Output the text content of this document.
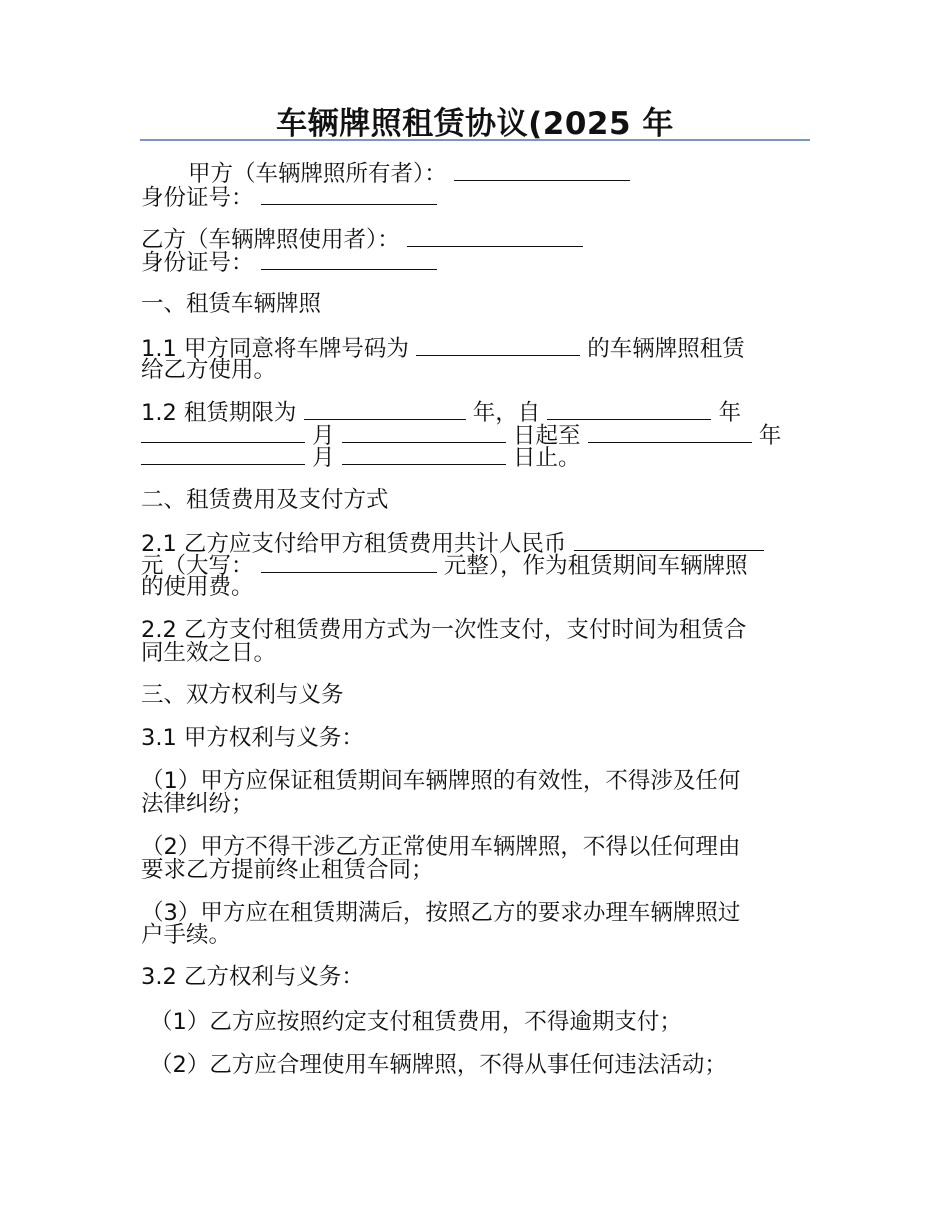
车辆牌照租赁协议(2025 年
甲方（车辆牌照所有者）：
身份证号：
乙方（车辆牌照使用者）：
身份证号：
一、租赁车辆牌照
1.1 甲方同意将车牌号码为	的车辆牌照租赁
给乙方使用。
1.2 租赁期限为	年，自	年
月	日起至	年
月	日止。
二、租赁费用及支付方式
2.1 乙方应支付给甲方租赁费用共计人民币
元（大写：	元整），作为租赁期间车辆牌照
的使用费。
2.2 乙方支付租赁费用方式为一次性支付，支付时间为租赁合
同生效之日。
三、双方权利与义务
3.1 甲方权利与义务：
（1）甲方应保证租赁期间车辆牌照的有效性，不得涉及任何
法律纠纷；
（2）甲方不得干涉乙方正常使用车辆牌照，不得以任何理由
要求乙方提前终止租赁合同；
（3）甲方应在租赁期满后，按照乙方的要求办理车辆牌照过
户手续。
3.2 乙方权利与义务：
（1）乙方应按照约定支付租赁费用，不得逾期支付；
（2）乙方应合理使用车辆牌照，不得从事任何违法活动；
